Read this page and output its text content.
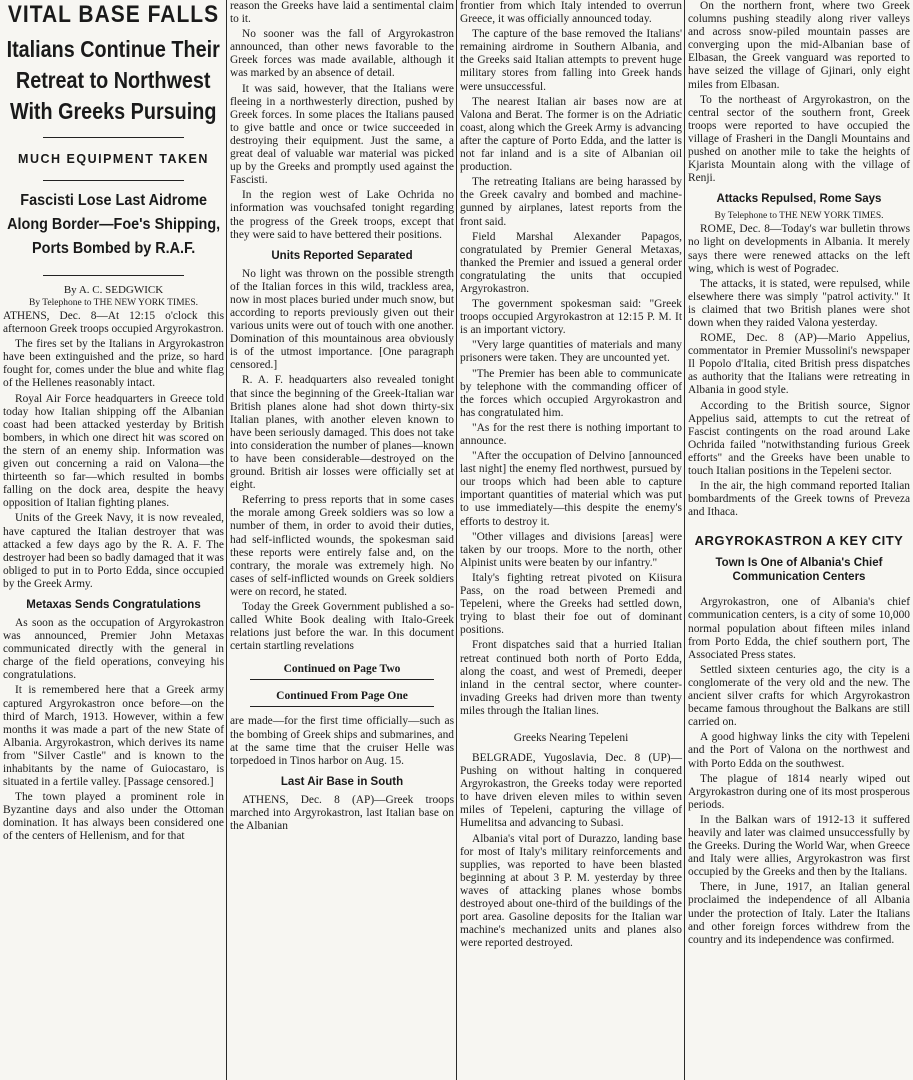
VITAL BASE FALLS
Italians Continue Their Retreat to Northwest With Greeks Pursuing
MUCH EQUIPMENT TAKEN
Fascisti Lose Last Aidrome Along Border—Foe's Shipping, Ports Bombed by R.A.F.
By A. C. SEDGWICK
By Telephone to THE NEW YORK TIMES.

ATHENS, Dec. 8—At 12:15 o'clock this afternoon Greek troops occupied Argyrokastron.

The fires set by the Italians in Argyrokastron have been extinguished and the prize, so hard fought for, comes under the blue and white flag of the Hellenes reasonably intact.

Royal Air Force headquarters in Greece told today how Italian shipping off the Albanian coast had been attacked yesterday by British bombers, in which one direct hit was scored on the stern of an enemy ship. Information was given out concerning a raid on Valona—the thirteenth so far—which resulted in bombs falling on the dock area, despite the heavy opposition of Italian fighting planes.

Units of the Greek Navy, it is now revealed, have captured the Italian destroyer that was attacked a few days ago by the R. A. F. The destroyer had been so badly damaged that it was obliged to put in to Porto Edda, since occupied by the Greek Army.

Metaxas Sends Congratulations

As soon as the occupation of Argyrokastron was announced, Premier John Metaxas communicated directly with the general in charge of the field operations, conveying his congratulations.

It is remembered here that a Greek army captured Argyrokastron once before—on the third of March, 1913. However, within a few months it was made a part of the new State of Albania. Argyrokastron, which derives its name from "Silver Castle" and is known to the inhabitants by the name of Guiocastaro, is situated in a fertile valley. [Passage censored.]

The town played a prominent role in Byzantine days and also under the Ottoman domination. It has always been considered one of the centers of Hellenism, and for that

reason the Greeks have laid a sentimental claim to it.

No sooner was the fall of Argyrokastron announced, than other news favorable to the Greek forces was made available, although it was marked by an absence of detail.

It was said, however, that the Italians were fleeing in a northwesterly direction, pushed by Greek forces. In some places the Italians paused to give battle and once or twice succeeded in destroying their equipment. Just the same, a great deal of valuable war material was picked up by the Greeks and promptly used against the Fascisti.

In the region west of Lake Ochrida no information was vouchsafed tonight regarding the progress of the Greek troops, except that they were said to have bettered their positions.

Units Reported Separated

No light was thrown on the possible strength of the Italian forces in this wild, trackless area, now in most places buried under much snow, but according to reports previously given out their various units were out of touch with one another. Domination of this mountainous area obviously is of the utmost importance. [One paragraph censored.]

R. A. F. headquarters also revealed tonight that since the beginning of the Greek-Italian war British planes alone had shot down thirty-six Italian planes, with another eleven known to have been seriously damaged. This does not take into consideration the number of planes—known to have been considerable—destroyed on the ground. British air losses were officially set at eight.

Referring to press reports that in some cases the morale among Greek soldiers was so low a number of them, in order to avoid their duties, had self-inflicted wounds, the spokesman said these reports were entirely false and, on the contrary, the morale was extremely high. No cases of self-inflicted wounds on Greek soldiers were on record, he stated.

Today the Greek Government published a so-called White Book dealing with Italo-Greek relations just before the war. In this document certain startling revelations

Continued on Page Two
Continued From Page One

are made—for the first time officially—such as the bombing of Greek ships and submarines, and at the same time that the cruiser Helle was torpedoed in Tinos harbor on Aug. 15.

Last Air Base in South

ATHENS, Dec. 8 (AP)—Greek troops marched into Argyrokastron, last Italian base on the Albanian

frontier from which Italy intended to overrun Greece, it was officially announced today.

The capture of the base removed the Italians' remaining airdrome in Southern Albania, and the Greeks said Italian attempts to prevent huge military stores from falling into Greek hands were unsuccessful.

The nearest Italian air bases now are at Valona and Berat. The former is on the Adriatic coast, along which the Greek Army is advancing after the capture of Porto Edda, and the latter is not far inland and is a site of Albanian oil production.

The retreating Italians are being harassed by the Greek cavalry and bombed and machine-gunned by airplanes, latest reports from the front said.

Field Marshal Alexander Papagos, congratulated by Premier General Metaxas, thanked the Premier and issued a general order congratulating the units that occupied Argyrokastron.

The government spokesman said: "Greek troops occupied Argyrokastron at 12:15 P. M. It is an important victory.

"Very large quantities of materials and many prisoners were taken. They are uncounted yet.

"The Premier has been able to communicate by telephone with the commanding officer of the forces which occupied Argyrokastron and has congratulated him.

"As for the rest there is nothing important to announce.

"After the occupation of Delvino [announced last night] the enemy fled northwest, pursued by our troops which had been able to capture important quantities of material which was put to use immediately—this despite the enemy's efforts to destroy it.

"Other villages and divisions [areas] were taken by our troops. More to the north, other Alpinist units were beaten by our infantry."

Italy's fighting retreat pivoted on Kiisura Pass, on the road between Premedi and Tepeleni, where the Greeks had settled down, trying to blast their foe out of dominant positions.

Front dispatches said that a hurried Italian retreat continued both north of Porto Edda, along the coast, and west of Premedi, deeper inland in the central sector, where counter-invading Greeks had driven more than twenty miles through the Italian lines.

Greeks Nearing Tepeleni

BELGRADE, Yugoslavia, Dec. 8 (UP)—Pushing on without halting in conquered Argyrokastron, the Greeks today were reported to have driven eleven miles to within seven miles of Tepeleni, capturing the village of Humelitsa and advancing to Subasi.

Albania's vital port of Durazzo, landing base for most of Italy's military reinforcements and supplies, was reported to have been blasted beginning at about 3 P. M. yesterday by three waves of attacking planes whose bombs destroyed about one-third of the buildings of the port area. Gasoline deposits for the Italian war machine's mechanized units and planes also were reported destroyed.

On the northern front, where two Greek columns pushing steadily along river valleys and across snow-piled mountain passes are converging upon the mid-Albanian base of Elbasan, the Greek vanguard was reported to have seized the village of Gjinari, only eight miles from Elbasan.

To the northeast of Argyrokastron, on the central sector of the southern front, Greek troops were reported to have occupied the village of Frasheri in the Dangli Mountains and pushed on another mile to take the heights of Kjarista Mountain along with the village of Renji.

Attacks Repulsed, Rome Says
By Telephone to THE NEW YORK TIMES.

ROME, Dec. 8—Today's war bulletin throws no light on developments in Albania. It merely says there were renewed attacks on the left wing, which is west of Pogradec.

The attacks, it is stated, were repulsed, while elsewhere there was simply "patrol activity." It is claimed that two British planes were shot down when they raided Valona yesterday.

ROME, Dec. 8 (AP)—Mario Appelius, commentator in Premier Mussolini's newspaper Il Popolo d'Italia, cited British press dispatches as authority that the Italians were retreating in Albania in good style.

According to the British source, Signor Appelius said, attempts to cut the retreat of Fascist contingents on the road around Lake Ochrida failed "notwithstanding furious Greek efforts" and the Greeks have been unable to touch Italian positions in the Tepeleni sector.

In the air, the high command reported Italian bombardments of the Greek towns of Preveza and Ithaca.

ARGYROKASTRON A KEY CITY
Town Is One of Albania's Chief Communication Centers

Argyrokastron, one of Albania's chief communication centers, is a city of some 10,000 normal population about fifteen miles inland from Porto Edda, the chief southern port, The Associated Press states.

Settled sixteen centuries ago, the city is a conglomerate of the very old and the new. The ancient silver crafts for which Argyrokastron became famous throughout the Balkans are still carried on.

A good highway links the city with Tepeleni and the Port of Valona on the northwest and with Porto Edda on the southwest.

The plague of 1814 nearly wiped out Argyrokastron during one of its most prosperous periods.

In the Balkan wars of 1912-13 it suffered heavily and later was claimed unsuccessfully by the Greeks. During the World War, when Greece and Italy were allies, Argyrokastron was first occupied by the Greeks and then by the Italians.

There, in June, 1917, an Italian general proclaimed the independence of all Albania under the protection of Italy. Later the Italians and other foreign forces withdrew from the country and its independence was confirmed.
